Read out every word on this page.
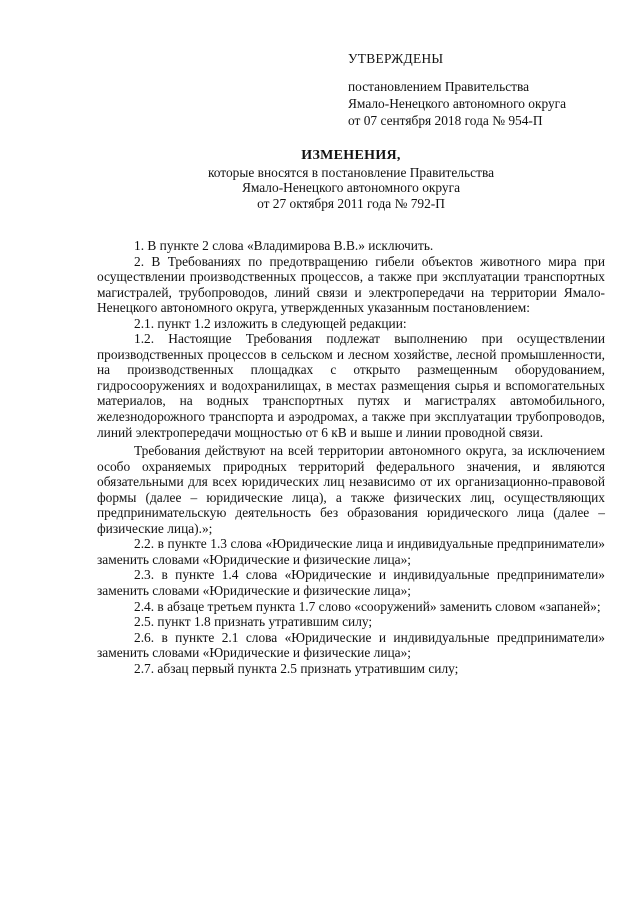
УТВЕРЖДЕНЫ
постановлением Правительства
Ямало-Ненецкого автономного округа
от 07 сентября 2018 года № 954-П
ИЗМЕНЕНИЯ,
которые вносятся в постановление Правительства
Ямало-Ненецкого автономного округа
от 27 октября 2011 года № 792-П

1. В пункте 2 слова «Владимирова В.В.» исключить.

2. В Требованиях по предотвращению гибели объектов животного мира при осуществлении производственных процессов, а также при эксплуатации транспортных магистралей, трубопроводов, линий связи и электропередачи на территории Ямало-Ненецкого автономного округа, утвержденных указанным постановлением:

2.1. пункт 1.2 изложить в следующей редакции:

1.2. Настоящие Требования подлежат выполнению при осуществлении производственных процессов в сельском и лесном хозяйстве, лесной промышленности, на производственных площадках с открыто размещенным оборудованием, гидросооружениях и водохранилищах, в местах размещения сырья и вспомогательных материалов, на водных транспортных путях и магистралях автомобильного, железнодорожного транспорта и аэродромах, а также при эксплуатации трубопроводов, линий электропередачи мощностью от 6 кВ и выше и линии проводной связи.

Требования действуют на всей территории автономного округа, за исключением особо охраняемых природных территорий федерального значения, и являются обязательными для всех юридических лиц независимо от их организационно-правовой формы (далее – юридические лица), а также физических лиц, осуществляющих предпринимательскую деятельность без образования юридического лица (далее – физические лица).»;

2.2. в пункте 1.3 слова «Юридические лица и индивидуальные предприниматели» заменить словами «Юридические и физические лица»;

2.3. в пункте 1.4 слова «Юридические и индивидуальные предприниматели» заменить словами «Юридические и физические лица»;

2.4. в абзаце третьем пункта 1.7 слово «сооружений» заменить словом «запаней»;

2.5. пункт 1.8 признать утратившим силу;

2.6. в пункте 2.1 слова «Юридические и индивидуальные предприниматели» заменить словами «Юридические и физические лица»;

2.7. абзац первый пункта 2.5 признать утратившим силу;
